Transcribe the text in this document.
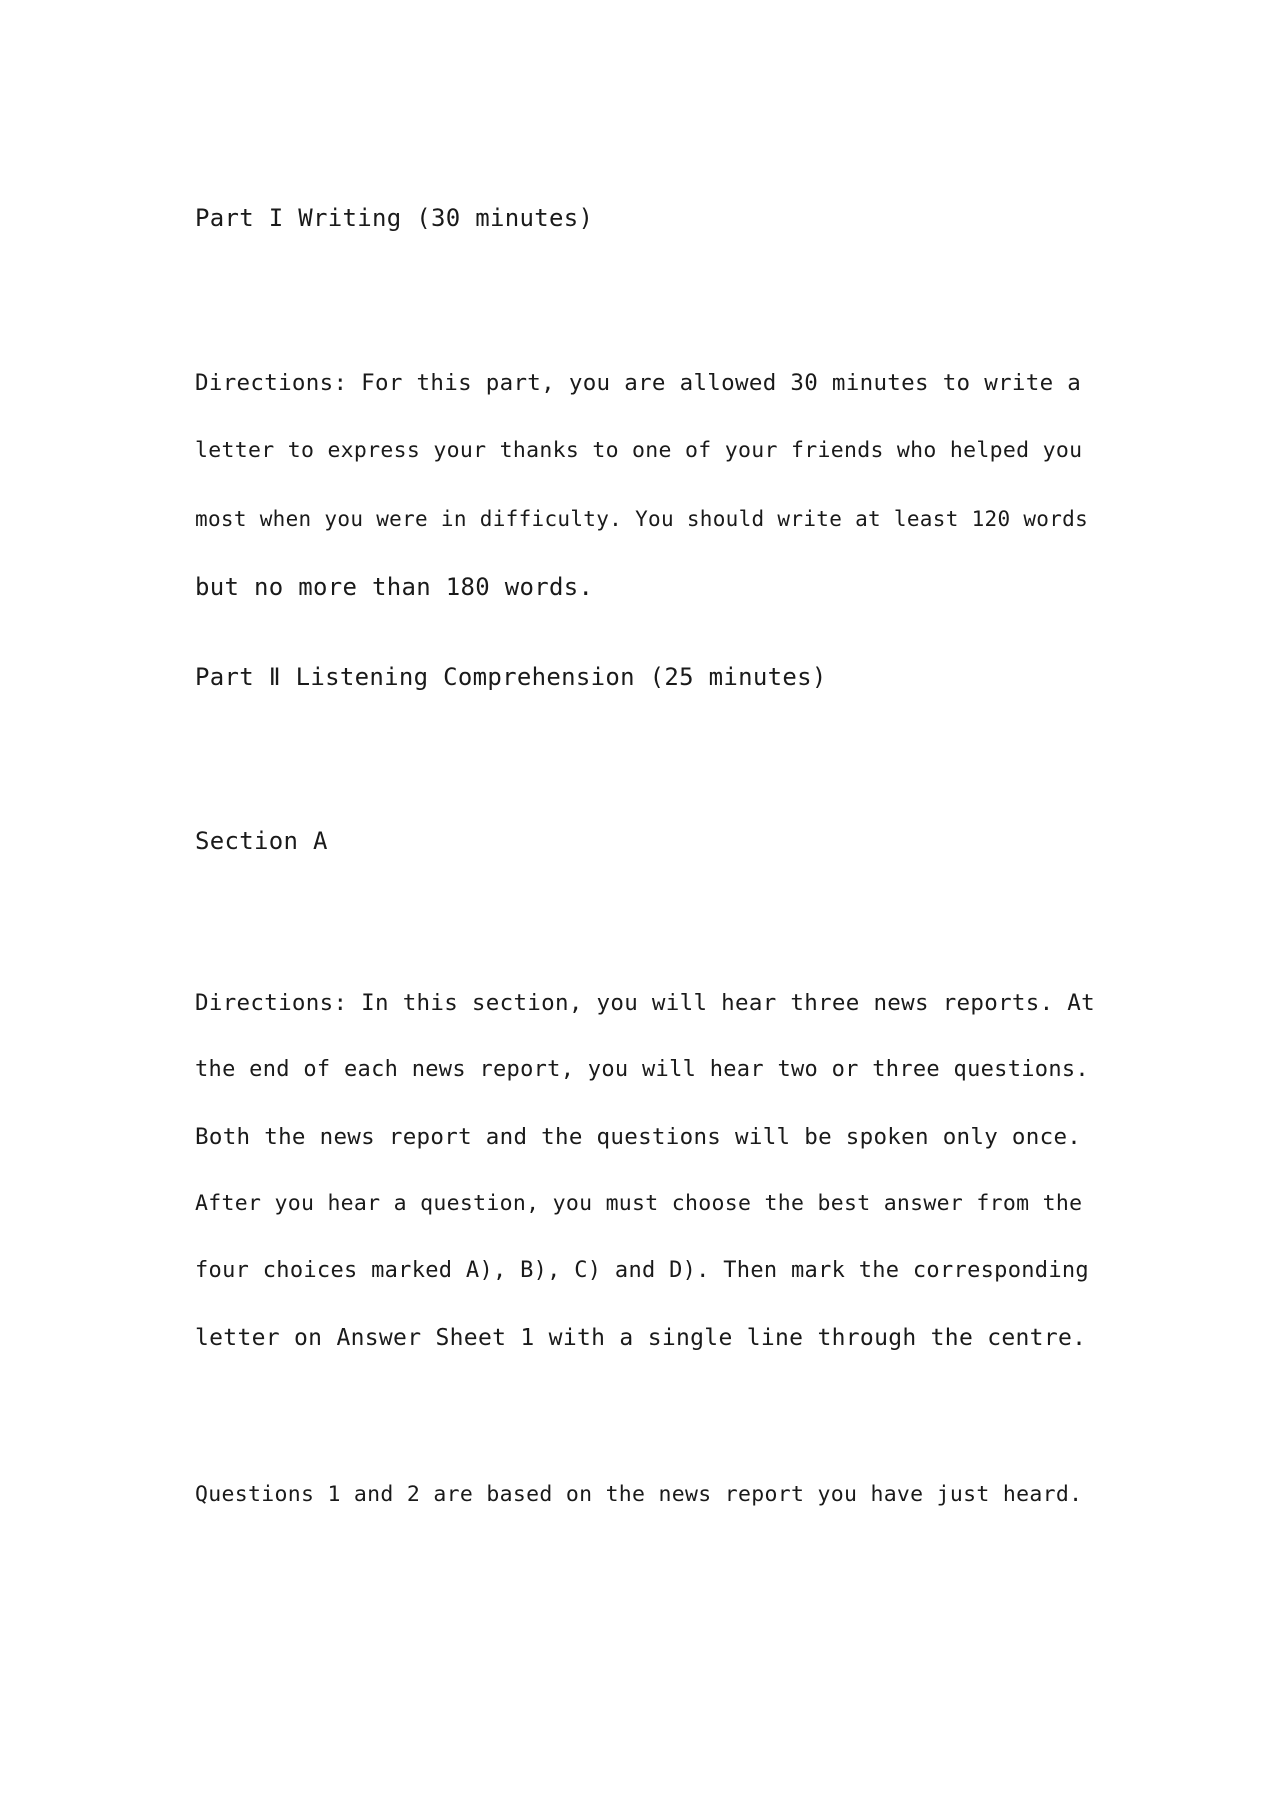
Part I Writing (30 minutes)
Directions: For this part, you are allowed 30 minutes to write a
letter to express your thanks to one of your friends who helped you
most when you were in difficulty. You should write at least 120 words
but no more than 180 words.
Part Ⅱ Listening Comprehension (25 minutes)
Section A
Directions: In this section, you will hear three news reports. At
the end of each news report, you will hear two or three questions.
Both the news report and the questions will be spoken only once.
After you hear a question, you must choose the best answer from the
four choices marked A), B), C) and D). Then mark the corresponding
letter on Answer Sheet 1 with a single line through the centre.
Questions 1 and 2 are based on the news report you have just heard.
